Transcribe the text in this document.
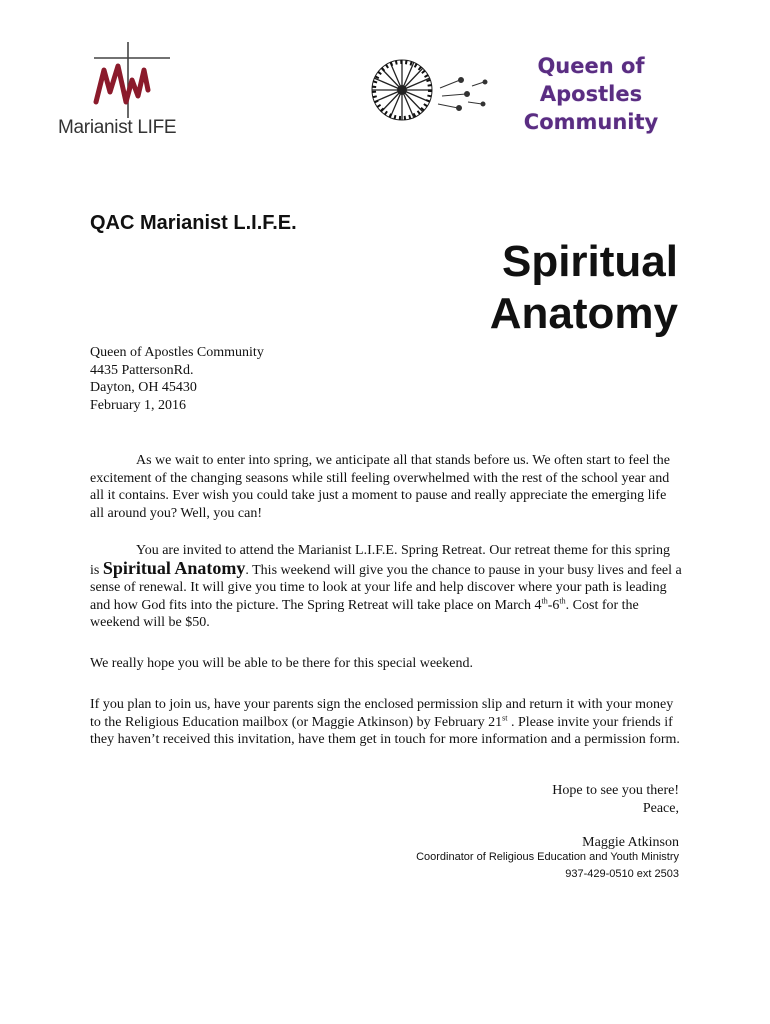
Marianist LIFE
Queen of Apostles
Community
QAC Marianist L.I.F.E.
Spiritual
Anatomy
Queen of Apostles Community
4435 PattersonRd.
Dayton, OH 45430
February 1, 2016
As we wait to enter into spring, we anticipate all that stands before us. We often start to feel the excitement of the changing seasons while still feeling overwhelmed with the rest of the school year and all it contains. Ever wish you could take just a moment to pause and really appreciate the emerging life all around you? Well, you can!
You are invited to attend the Marianist L.I.F.E. Spring Retreat. Our retreat theme for this spring is Spiritual Anatomy. This weekend will give you the chance to pause in your busy lives and feel a sense of renewal. It will give you time to look at your life and help discover where your path is leading and how God fits into the picture. The Spring Retreat will take place on March 4th-6th. Cost for the weekend will be $50.
We really hope you will be able to be there for this special weekend.
If you plan to join us, have your parents sign the enclosed permission slip and return it with your money to the Religious Education mailbox (or Maggie Atkinson) by February 21st . Please invite your friends if they haven’t received this invitation, have them get in touch for more information and a permission form.
Hope to see you there!
Peace,
Maggie Atkinson
Coordinator of Religious Education and Youth Ministry
937-429-0510 ext 2503
